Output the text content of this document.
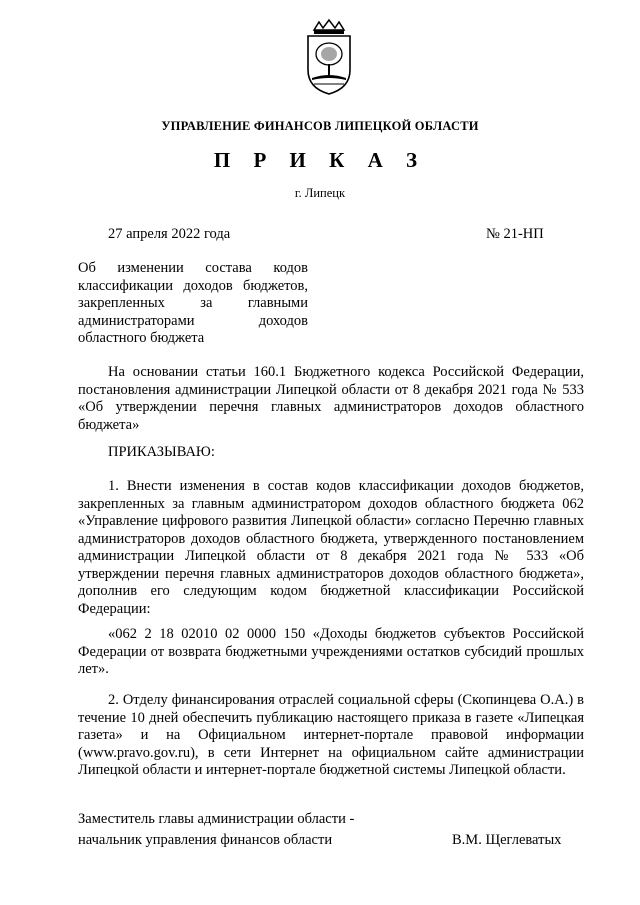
УПРАВЛЕНИЕ ФИНАНСОВ ЛИПЕЦКОЙ ОБЛАСТИ
П Р И К А З
г. Липецк
27 апреля 2022 года	№ 21-НП
Об изменении состава кодов классификации доходов бюджетов, закрепленных за главными администраторами доходов областного бюджета

На основании статьи 160.1 Бюджетного кодекса Российской Федерации, постановления администрации Липецкой области от 8 декабря 2021 года № 533 «Об утверждении перечня главных администраторов доходов областного бюджета»

ПРИКАЗЫВАЮ:

1. Внести изменения в состав кодов классификации доходов бюджетов, закрепленных за главным администратором доходов областного бюджета 062 «Управление цифрового развития Липецкой области» согласно Перечню главных администраторов доходов областного бюджета, утвержденного постановлением администрации Липецкой области от 8 декабря 2021 года № 533 «Об утверждении перечня главных администраторов доходов областного бюджета», дополнив его следующим кодом бюджетной классификации Российской Федерации:

«062 2 18 02010 02 0000 150 «Доходы бюджетов субъектов Российской Федерации от возврата бюджетными учреждениями остатков субсидий прошлых лет».

2. Отделу финансирования отраслей социальной сферы (Скопинцева О.А.) в течение 10 дней обеспечить публикацию настоящего приказа в газете «Липецкая газета» и на Официальном интернет-портале правовой информации (www.pravo.gov.ru), в сети Интернет на официальном сайте администрации Липецкой области и интернет-портале бюджетной системы Липецкой области.

Заместитель главы администрации области -
начальник управления финансов области	В.М. Щеглеватых
